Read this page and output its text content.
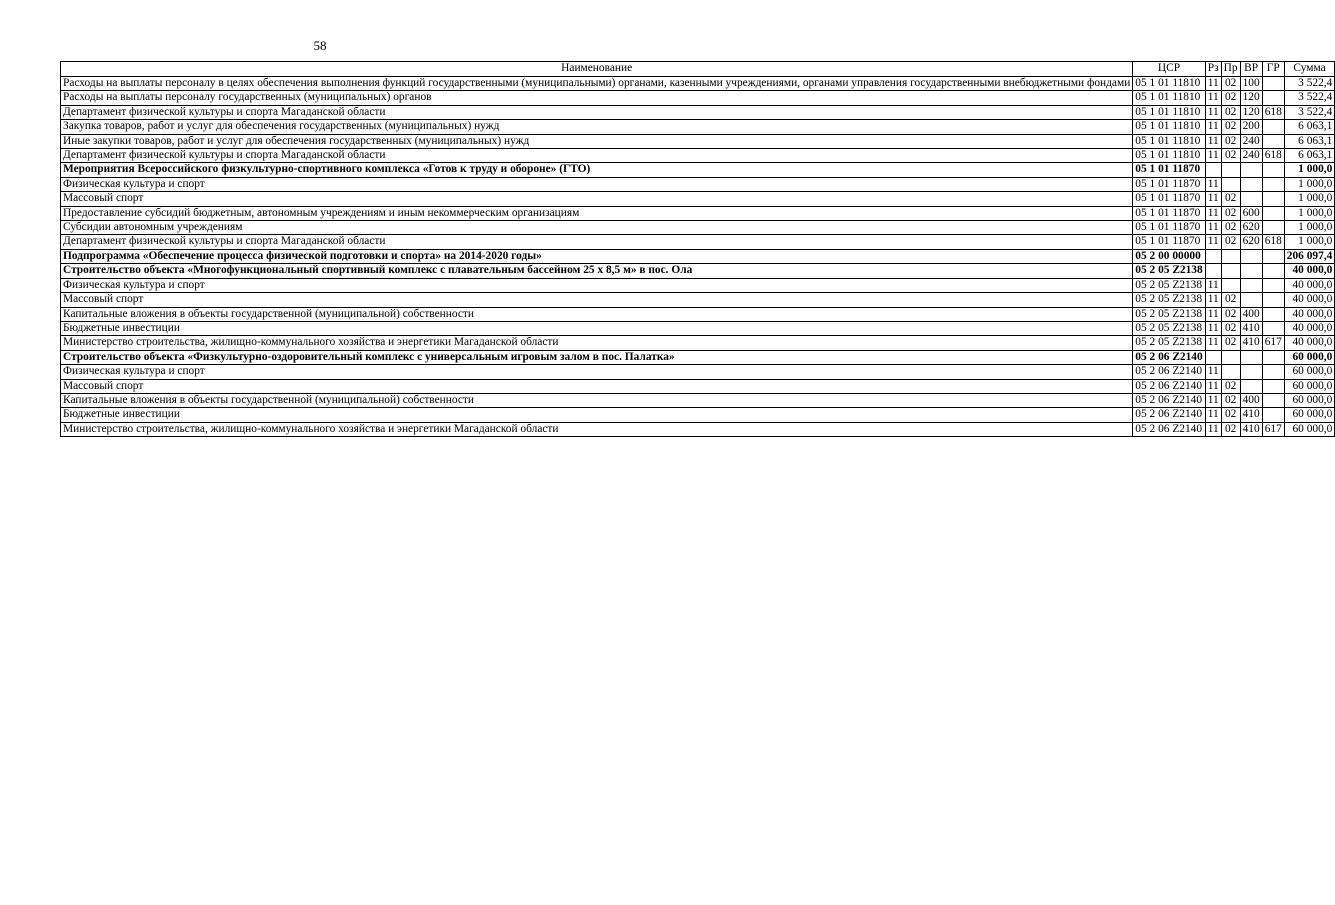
58
Наименование	ЦСР	Рз	Пр	ВР	ГР	Сумма
Расходы на выплаты персоналу в целях обеспечения выполнения функций государственными (муниципальными) органами, казенными учреждениями, органами управления государственными внебюджетными фондами	05 1 01 11810	11	02	100		3 522,4
Расходы на выплаты персоналу государственных (муниципальных) органов	05 1 01 11810	11	02	120		3 522,4
Департамент физической культуры и спорта Магаданской области	05 1 01 11810	11	02	120	618	3 522,4
Закупка товаров, работ и услуг для обеспечения государственных (муниципальных) нужд	05 1 01 11810	11	02	200		6 063,1
Иные закупки товаров, работ и услуг для обеспечения государственных (муниципальных) нужд	05 1 01 11810	11	02	240		6 063,1
Департамент физической культуры и спорта Магаданской области	05 1 01 11810	11	02	240	618	6 063,1
Мероприятия Всероссийского физкультурно-спортивного комплекса «Готов к труду и обороне» (ГТО)	05 1 01 11870					1 000,0
Физическая культура и спорт	05 1 01 11870	11				1 000,0
Массовый спорт	05 1 01 11870	11	02			1 000,0
Предоставление субсидий бюджетным, автономным учреждениям и иным некоммерческим организациям	05 1 01 11870	11	02	600		1 000,0
Субсидии автономным учреждениям	05 1 01 11870	11	02	620		1 000,0
Департамент физической культуры и спорта Магаданской области	05 1 01 11870	11	02	620	618	1 000,0
Подпрограмма «Обеспечение процесса физической подготовки и спорта» на 2014-2020 годы»	05 2 00 00000					206 097,4
Строительство объекта «Многофункциональный спортивный комплекс с плавательным бассейном 25 х 8,5 м» в пос. Ола	05 2 05 Z2138					40 000,0
Физическая культура и спорт	05 2 05 Z2138	11				40 000,0
Массовый спорт	05 2 05 Z2138	11	02			40 000,0
Капитальные вложения в объекты государственной (муниципальной) собственности	05 2 05 Z2138	11	02	400		40 000,0
Бюджетные инвестиции	05 2 05 Z2138	11	02	410		40 000,0
Министерство строительства, жилищно-коммунального хозяйства и энергетики Магаданской области	05 2 05 Z2138	11	02	410	617	40 000,0
Строительство объекта «Физкультурно-оздоровительный комплекс с универсальным игровым залом в пос. Палатка»	05 2 06 Z2140					60 000,0
Физическая культура и спорт	05 2 06 Z2140	11				60 000,0
Массовый спорт	05 2 06 Z2140	11	02			60 000,0
Капитальные вложения в объекты государственной (муниципальной) собственности	05 2 06 Z2140	11	02	400		60 000,0
Бюджетные инвестиции	05 2 06 Z2140	11	02	410		60 000,0
Министерство строительства, жилищно-коммунального хозяйства и энергетики Магаданской области	05 2 06 Z2140	11	02	410	617	60 000,0
